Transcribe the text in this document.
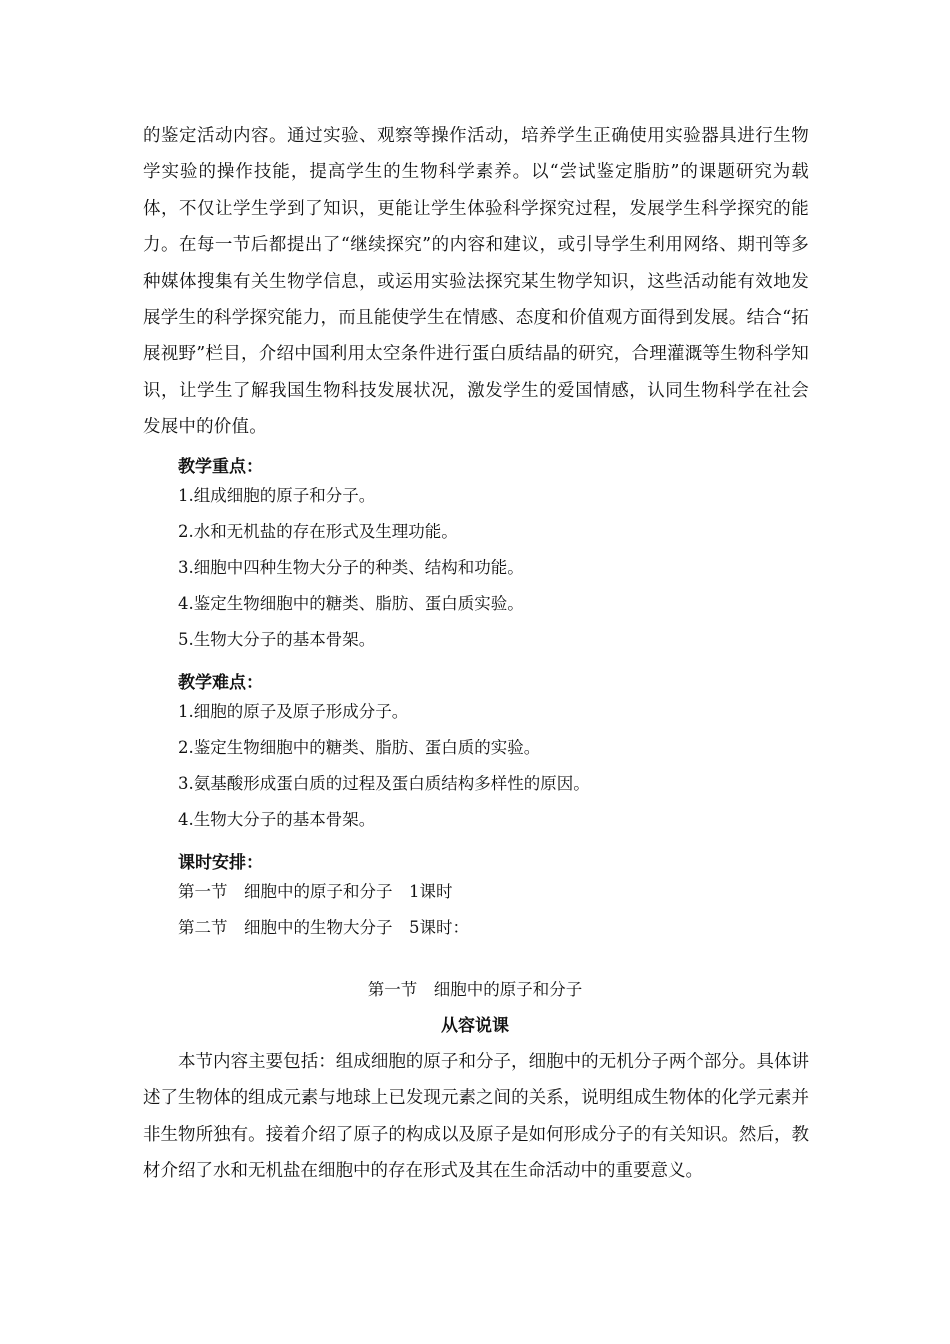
的鉴定活动内容。通过实验、观察等操作活动，培养学生正确使用实验器具进行生物学实验的操作技能，提高学生的生物科学素养。以“尝试鉴定脂肪”的课题研究为载体，不仅让学生学到了知识，更能让学生体验科学探究过程，发展学生科学探究的能力。在每一节后都提出了“继续探究”的内容和建议，或引导学生利用网络、期刊等多种媒体搜集有关生物学信息，或运用实验法探究某生物学知识，这些活动能有效地发展学生的科学探究能力，而且能使学生在情感、态度和价值观方面得到发展。结合“拓展视野”栏目，介绍中国利用太空条件进行蛋白质结晶的研究，合理灌溉等生物科学知识，让学生了解我国生物科技发展状况，激发学生的爱国情感，认同生物科学在社会发展中的价值。

教学重点：

1.组成细胞的原子和分子。
2.水和无机盐的存在形式及生理功能。
3.细胞中四种生物大分子的种类、结构和功能。
4.鉴定生物细胞中的糖类、脂肪、蛋白质实验。
5.生物大分子的基本骨架。

教学难点：

1.细胞的原子及原子形成分子。
2.鉴定生物细胞中的糖类、脂肪、蛋白质的实验。
3.氨基酸形成蛋白质的过程及蛋白质结构多样性的原因。
4.生物大分子的基本骨架。

课时安排：

第一节　细胞中的原子和分子　1课时
第二节　细胞中的生物大分子　5课时：

第一节　细胞中的原子和分子

从容说课

本节内容主要包括：组成细胞的原子和分子，细胞中的无机分子两个部分。具体讲述了生物体的组成元素与地球上已发现元素之间的关系，说明组成生物体的化学元素并非生物所独有。接着介绍了原子的构成以及原子是如何形成分子的有关知识。然后，教材介绍了水和无机盐在细胞中的存在形式及其在生命活动中的重要意义。
